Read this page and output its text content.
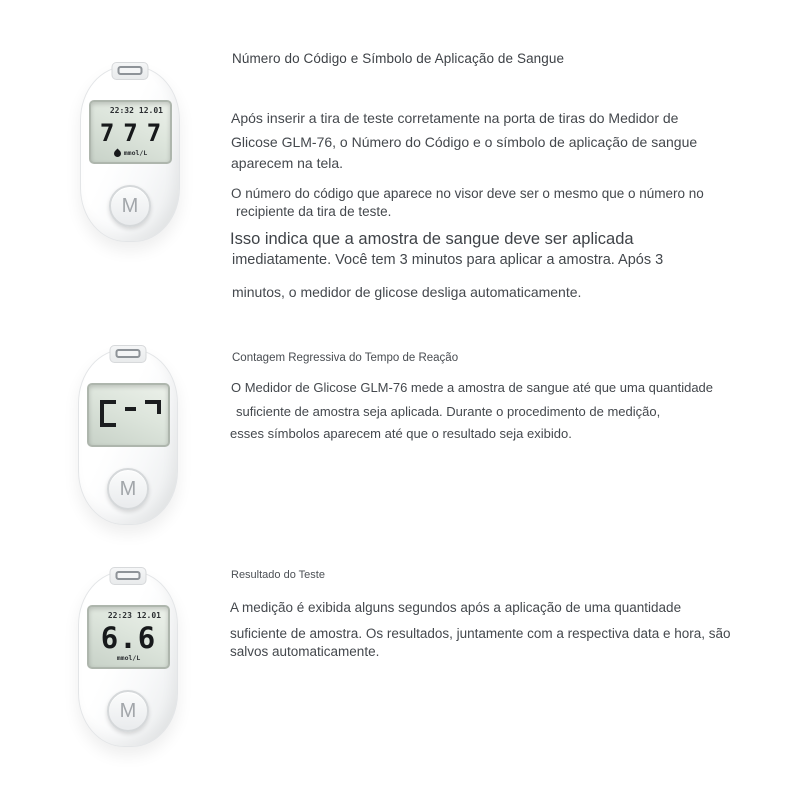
22:32 12.01
777
mmol/L
M
M
22:23 12.01
6.6
mmol/L
M
Número do Código e Símbolo de Aplicação de Sangue
Após inserir a tira de teste corretamente na porta de tiras do Medidor de
Glicose GLM-76, o Número do Código e o símbolo de aplicação de sangue
aparecem na tela.
O número do código que aparece no visor deve ser o mesmo que o número no
recipiente da tira de teste.
Isso indica que a amostra de sangue deve ser aplicada
imediatamente. Você tem 3 minutos para aplicar a amostra. Após 3
minutos, o medidor de glicose desliga automaticamente.
Contagem Regressiva do Tempo de Reação
O Medidor de Glicose GLM-76 mede a amostra de sangue até que uma quantidade
suficiente de amostra seja aplicada. Durante o procedimento de medição,
esses símbolos aparecem até que o resultado seja exibido.
Resultado do Teste
A medição é exibida alguns segundos após a aplicação de uma quantidade
suficiente de amostra. Os resultados, juntamente com a respectiva data e hora, são
salvos automaticamente.
